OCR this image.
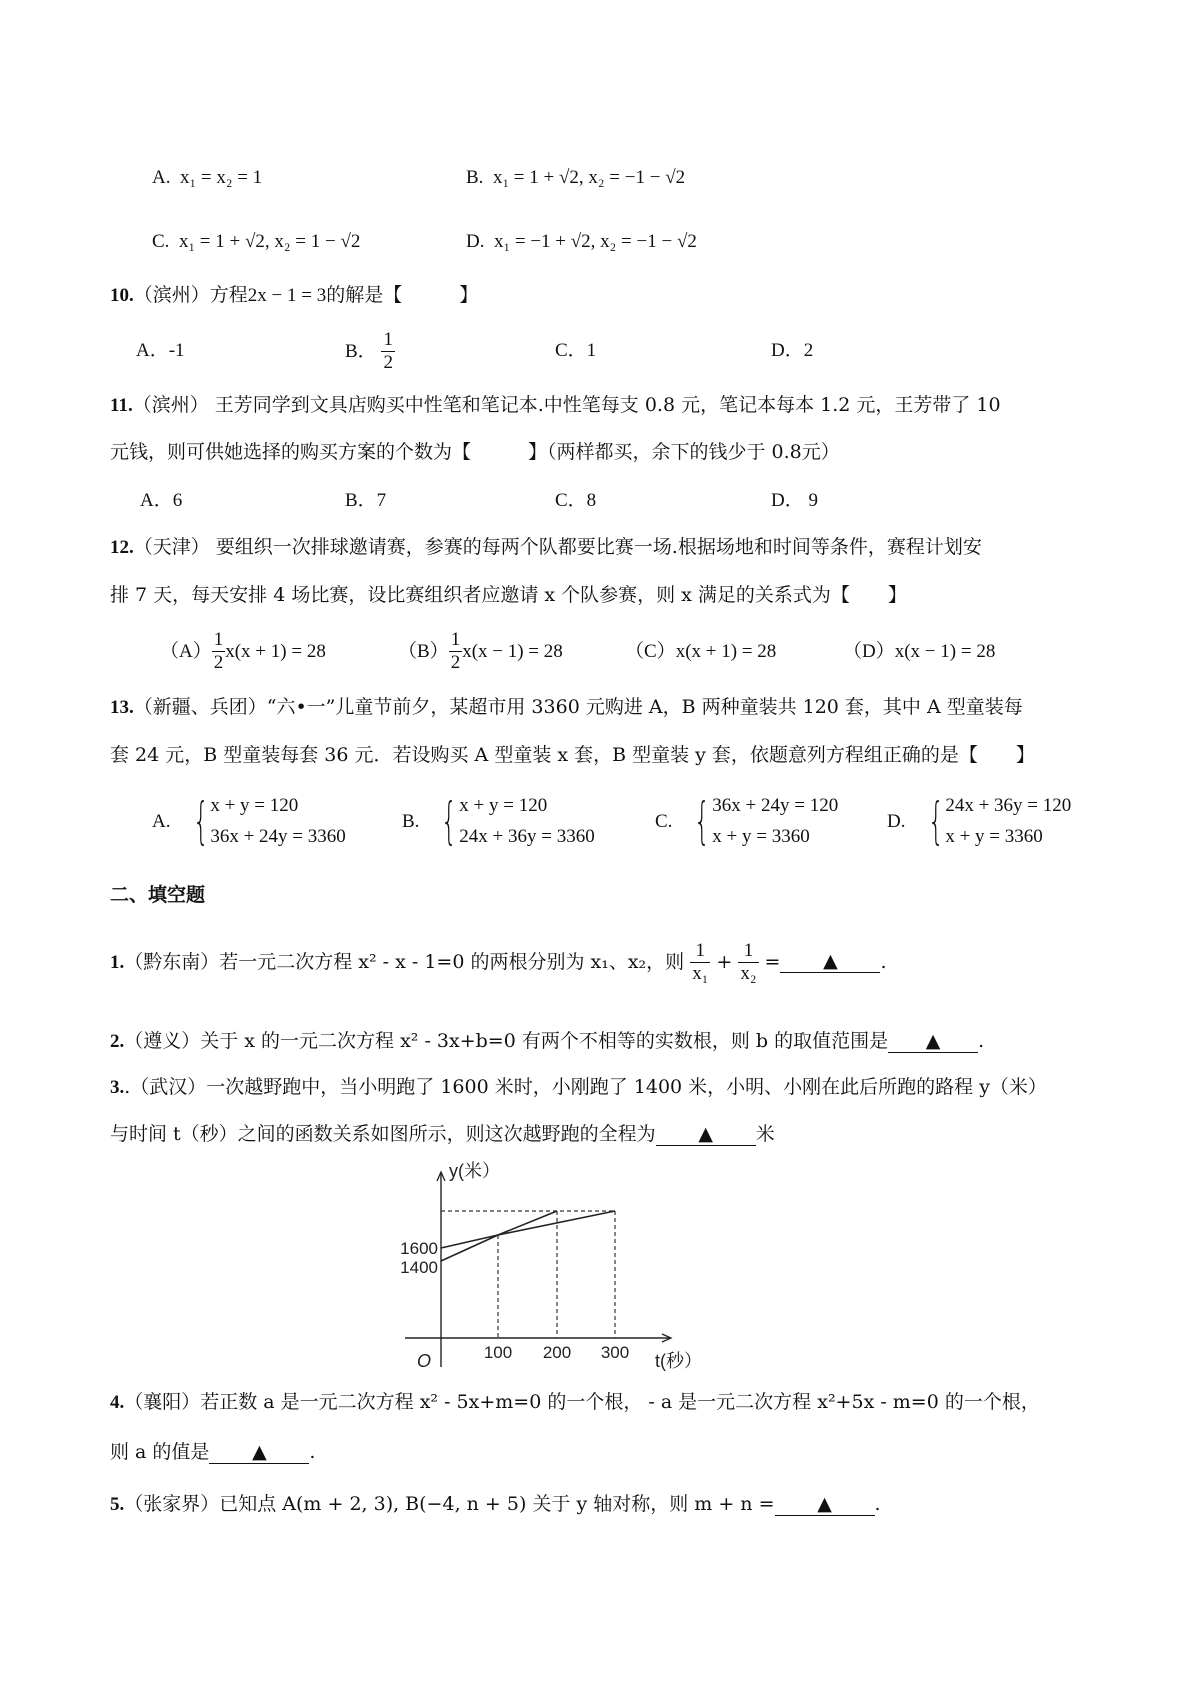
A. x₁ = x₂ = 1	B. x₁ = 1 + √2, x₂ = −1 − √2
C. x₁ = 1 + √2, x₂ = 1 − √2	D. x₁ = −1 + √2, x₂ = −1 − √2
10.（滨州）方程2x − 1 = 3的解是【　　　】
A．-1	B． $\frac{1}{2}$	C．1	D．2
11.（滨州） 王芳同学到文具店购买中性笔和笔记本.中性笔每支 0.8 元，笔记本每本 1.2 元，王芳带了 10
元钱，则可供她选择的购买方案的个数为【　　　】（两样都买，余下的钱少于 0.8元）
A．6	B．7	C．8	D． 9
12.（天津） 要组织一次排球邀请赛，参赛的每两个队都要比赛一场.根据场地和时间等条件，赛程计划安
排 7 天，每天安排 4 场比赛，设比赛组织者应邀请 x 个队参赛，则 x 满足的关系式为【　　】
$(A) \frac{1}{2} x(x + 1) = 28$	$(B) \frac{1}{2} x(x - 1) = 28$	（C）x(x + 1) = 28	（D）x(x − 1) = 28
13.（新疆、兵团）“六•一”儿童节前夕，某超市用 3360 元购进 A，B 两种童装共 120 套，其中 A 型童装每
套 24 元，B 型童装每套 36 元．若设购买 A 型童装 x 套，B 型童装 y 套，依题意列方程组正确的是【　　】
A. { x + y = 120
36x + 24y = 3360
B. { x + y = 120
24x + 36y = 3360
C. { 36x + 24y = 120
x + y = 3360
D. { 24x + 36y = 120
x + y = 3360
二、填空题
1.（黔东南）若一元二次方程 x² - x - 1=0 的两根分别为 x₁、x₂，则 $\frac{1}{\text{x₁}} + \frac{1}{\text{x₂}}$ = ▲ .
2.（遵义）关于 x 的一元二次方程 x² - 3x+b=0 有两个不相等的实数根，则 b 的取值范围是 ▲ .
3..（武汉）一次越野跑中，当小明跑了 1600 米时，小刚跑了 1400 米，小明、小刚在此后所跑的路程 y（米）
与时间 t（秒）之间的函数关系如图所示，则这次越野跑的全程为 ▲ 米
y(米）
t(秒）
O	100 200 300
1600
1400
4.（襄阳）若正数 a 是一元二次方程 x² - 5x+m=0 的一个根， - a 是一元二次方程 x²+5x - m=0 的一个根，
则 a 的值是 ▲ .
5.（张家界）已知点 A(m + 2, 3), B(−4, n + 5) 关于 y 轴对称，则 m + n = ▲ .
